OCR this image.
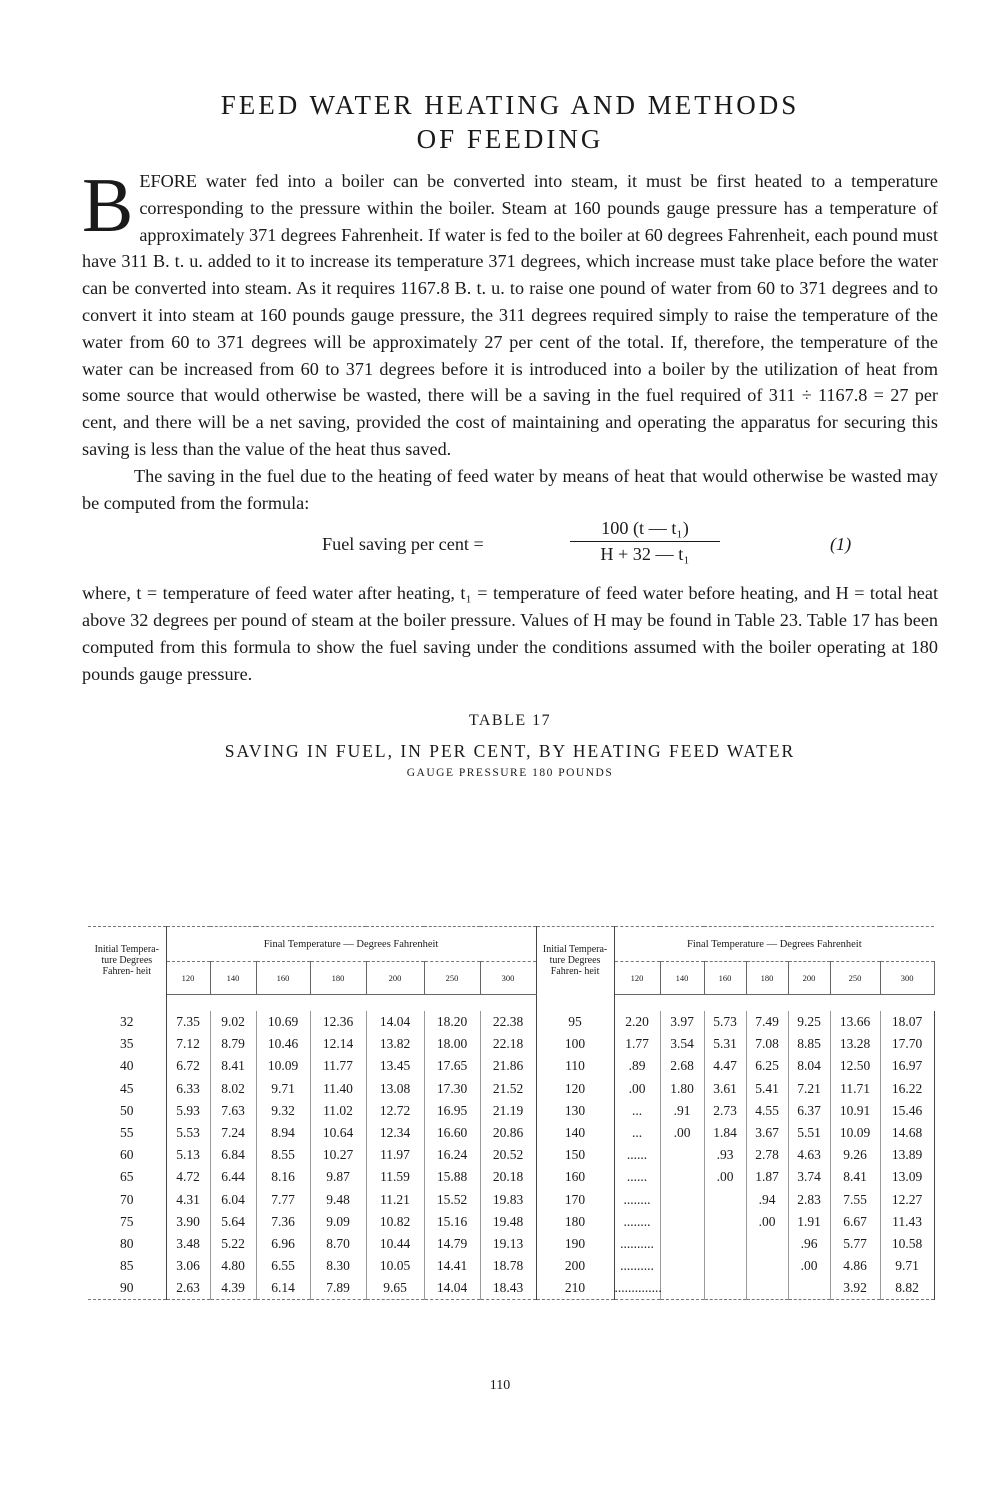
FEED WATER HEATING AND METHODS
OF FEEDING

BEFORE water fed into a boiler can be converted into steam, it must be first heated to a temperature corresponding to the pressure within the boiler. Steam at 160 pounds gauge pressure has a temperature of approximately 371 degrees Fahrenheit. If water is fed to the boiler at 60 degrees Fahrenheit, each pound must have 311 B. t. u. added to it to increase its temperature 371 degrees, which increase must take place before the water can be converted into steam. As it requires 1167.8 B. t. u. to raise one pound of water from 60 to 371 degrees and to convert it into steam at 160 pounds gauge pressure, the 311 degrees required simply to raise the temperature of the water from 60 to 371 degrees will be approximately 27 per cent of the total. If, therefore, the temperature of the water can be increased from 60 to 371 degrees before it is introduced into a boiler by the utilization of heat from some source that would otherwise be wasted, there will be a saving in the fuel required of 311 ÷ 1167.8 = 27 per cent, and there will be a net saving, provided the cost of maintaining and operating the apparatus for securing this saving is less than the value of the heat thus saved.

The saving in the fuel due to the heating of feed water by means of heat that would otherwise be wasted may be computed from the formula:

Fuel saving per cent =	$\frac{\text{100 (t — t₁)}}{\text{H + 32 — t₁}}$	(1)

where, t = temperature of feed water after heating, t₁ = temperature of feed water before heating, and H = total heat above 32 degrees per pound of steam at the boiler pressure. Values of H may be found in Table 23. Table 17 has been computed from this formula to show the fuel saving under the conditions assumed with the boiler operating at 180 pounds gauge pressure.

TABLE 17
SAVING IN FUEL, IN PER CENT, BY HEATING FEED WATER
GAUGE PRESSURE 180 POUNDS
Initial Tempera- ture Degrees Fahren- heit	Final Temperature — Degrees Fahrenheit							Initial Tempera- ture Degrees Fahren- heit	Final Temperature — Degrees Fahrenheit						
	120	140	160	180	200	250	300		120	140	160	180	200	250	300

32	7.35	9.02	10.69	12.36	14.04	18.20	22.38	95	2.20	3.97	5.73	7.49	9.25	13.66	18.07
35	7.12	8.79	10.46	12.14	13.82	18.00	22.18	100	1.77	3.54	5.31	7.08	8.85	13.28	17.70
40	6.72	8.41	10.09	11.77	13.45	17.65	21.86	110	.89	2.68	4.47	6.25	8.04	12.50	16.97
45	6.33	8.02	9.71	11.40	13.08	17.30	21.52	120	.00	1.80	3.61	5.41	7.21	11.71	16.22
50	5.93	7.63	9.32	11.02	12.72	16.95	21.19	130	...	.91	2.73	4.55	6.37	10.91	15.46
55	5.53	7.24	8.94	10.64	12.34	16.60	20.86	140	...	.00	1.84	3.67	5.51	10.09	14.68
60	5.13	6.84	8.55	10.27	11.97	16.24	20.52	150	......		.93	2.78	4.63	9.26	13.89
65	4.72	6.44	8.16	9.87	11.59	15.88	20.18	160	......		.00	1.87	3.74	8.41	13.09
70	4.31	6.04	7.77	9.48	11.21	15.52	19.83	170	........			.94	2.83	7.55	12.27
75	3.90	5.64	7.36	9.09	10.82	15.16	19.48	180	........			.00	1.91	6.67	11.43
80	3.48	5.22	6.96	8.70	10.44	14.79	19.13	190	..........				.96	5.77	10.58
85	3.06	4.80	6.55	8.30	10.05	14.41	18.78	200	..........				.00	4.86	9.71
90	2.63	4.39	6.14	7.89	9.65	14.04	18.43	210	..............					3.92	8.82
110
